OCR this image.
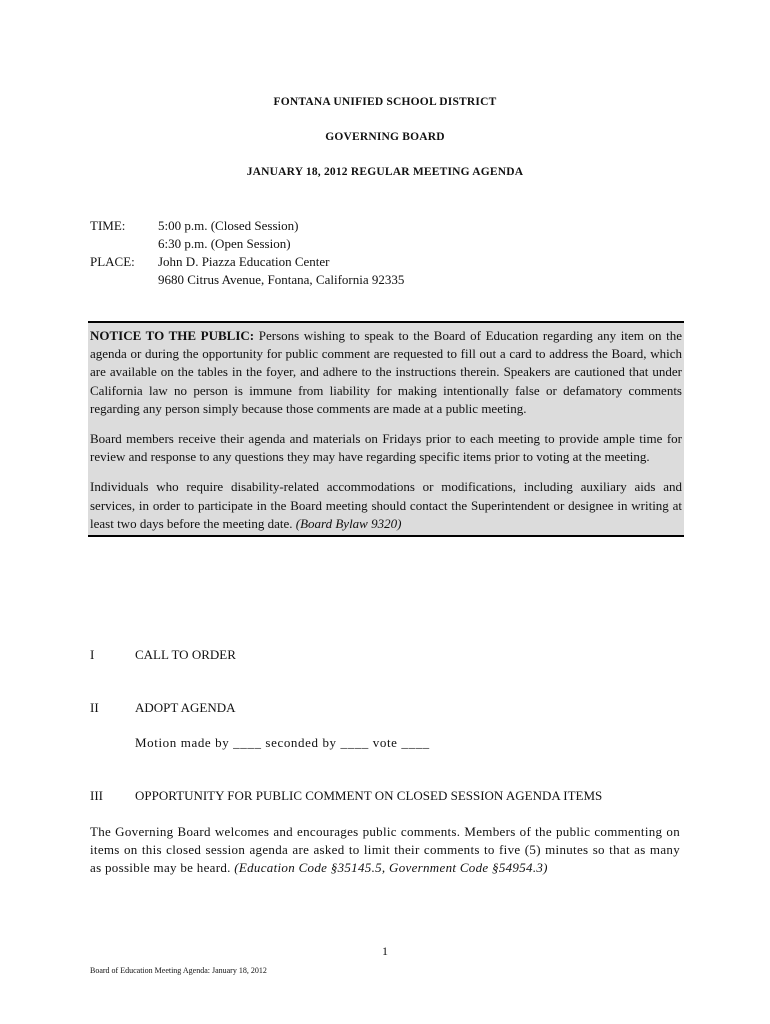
FONTANA UNIFIED SCHOOL DISTRICT
GOVERNING BOARD
JANUARY 18, 2012 REGULAR MEETING AGENDA
TIME:	5:00 p.m. (Closed Session)
6:30 p.m. (Open Session)
PLACE:	John D. Piazza Education Center
9680 Citrus Avenue, Fontana, California 92335

NOTICE TO THE PUBLIC: Persons wishing to speak to the Board of Education regarding any item on the agenda or during the opportunity for public comment are requested to fill out a card to address the Board, which are available on the tables in the foyer, and adhere to the instructions therein. Speakers are cautioned that under California law no person is immune from liability for making intentionally false or defamatory comments regarding any person simply because those comments are made at a public meeting.

Board members receive their agenda and materials on Fridays prior to each meeting to provide ample time for review and response to any questions they may have regarding specific items prior to voting at the meeting.

Individuals who require disability-related accommodations or modifications, including auxiliary aids and services, in order to participate in the Board meeting should contact the Superintendent or designee in writing at least two days before the meeting date. (Board Bylaw 9320)

I	CALL TO ORDER
II	ADOPT AGENDA
Motion made by ____ seconded by ____ vote ____
III	OPPORTUNITY FOR PUBLIC COMMENT ON CLOSED SESSION AGENDA ITEMS
The Governing Board welcomes and encourages public comments. Members of the public commenting on items on this closed session agenda are asked to limit their comments to five (5) minutes so that as many as possible may be heard. (Education Code §35145.5, Government Code §54954.3)
1
Board of Education Meeting Agenda: January 18, 2012
